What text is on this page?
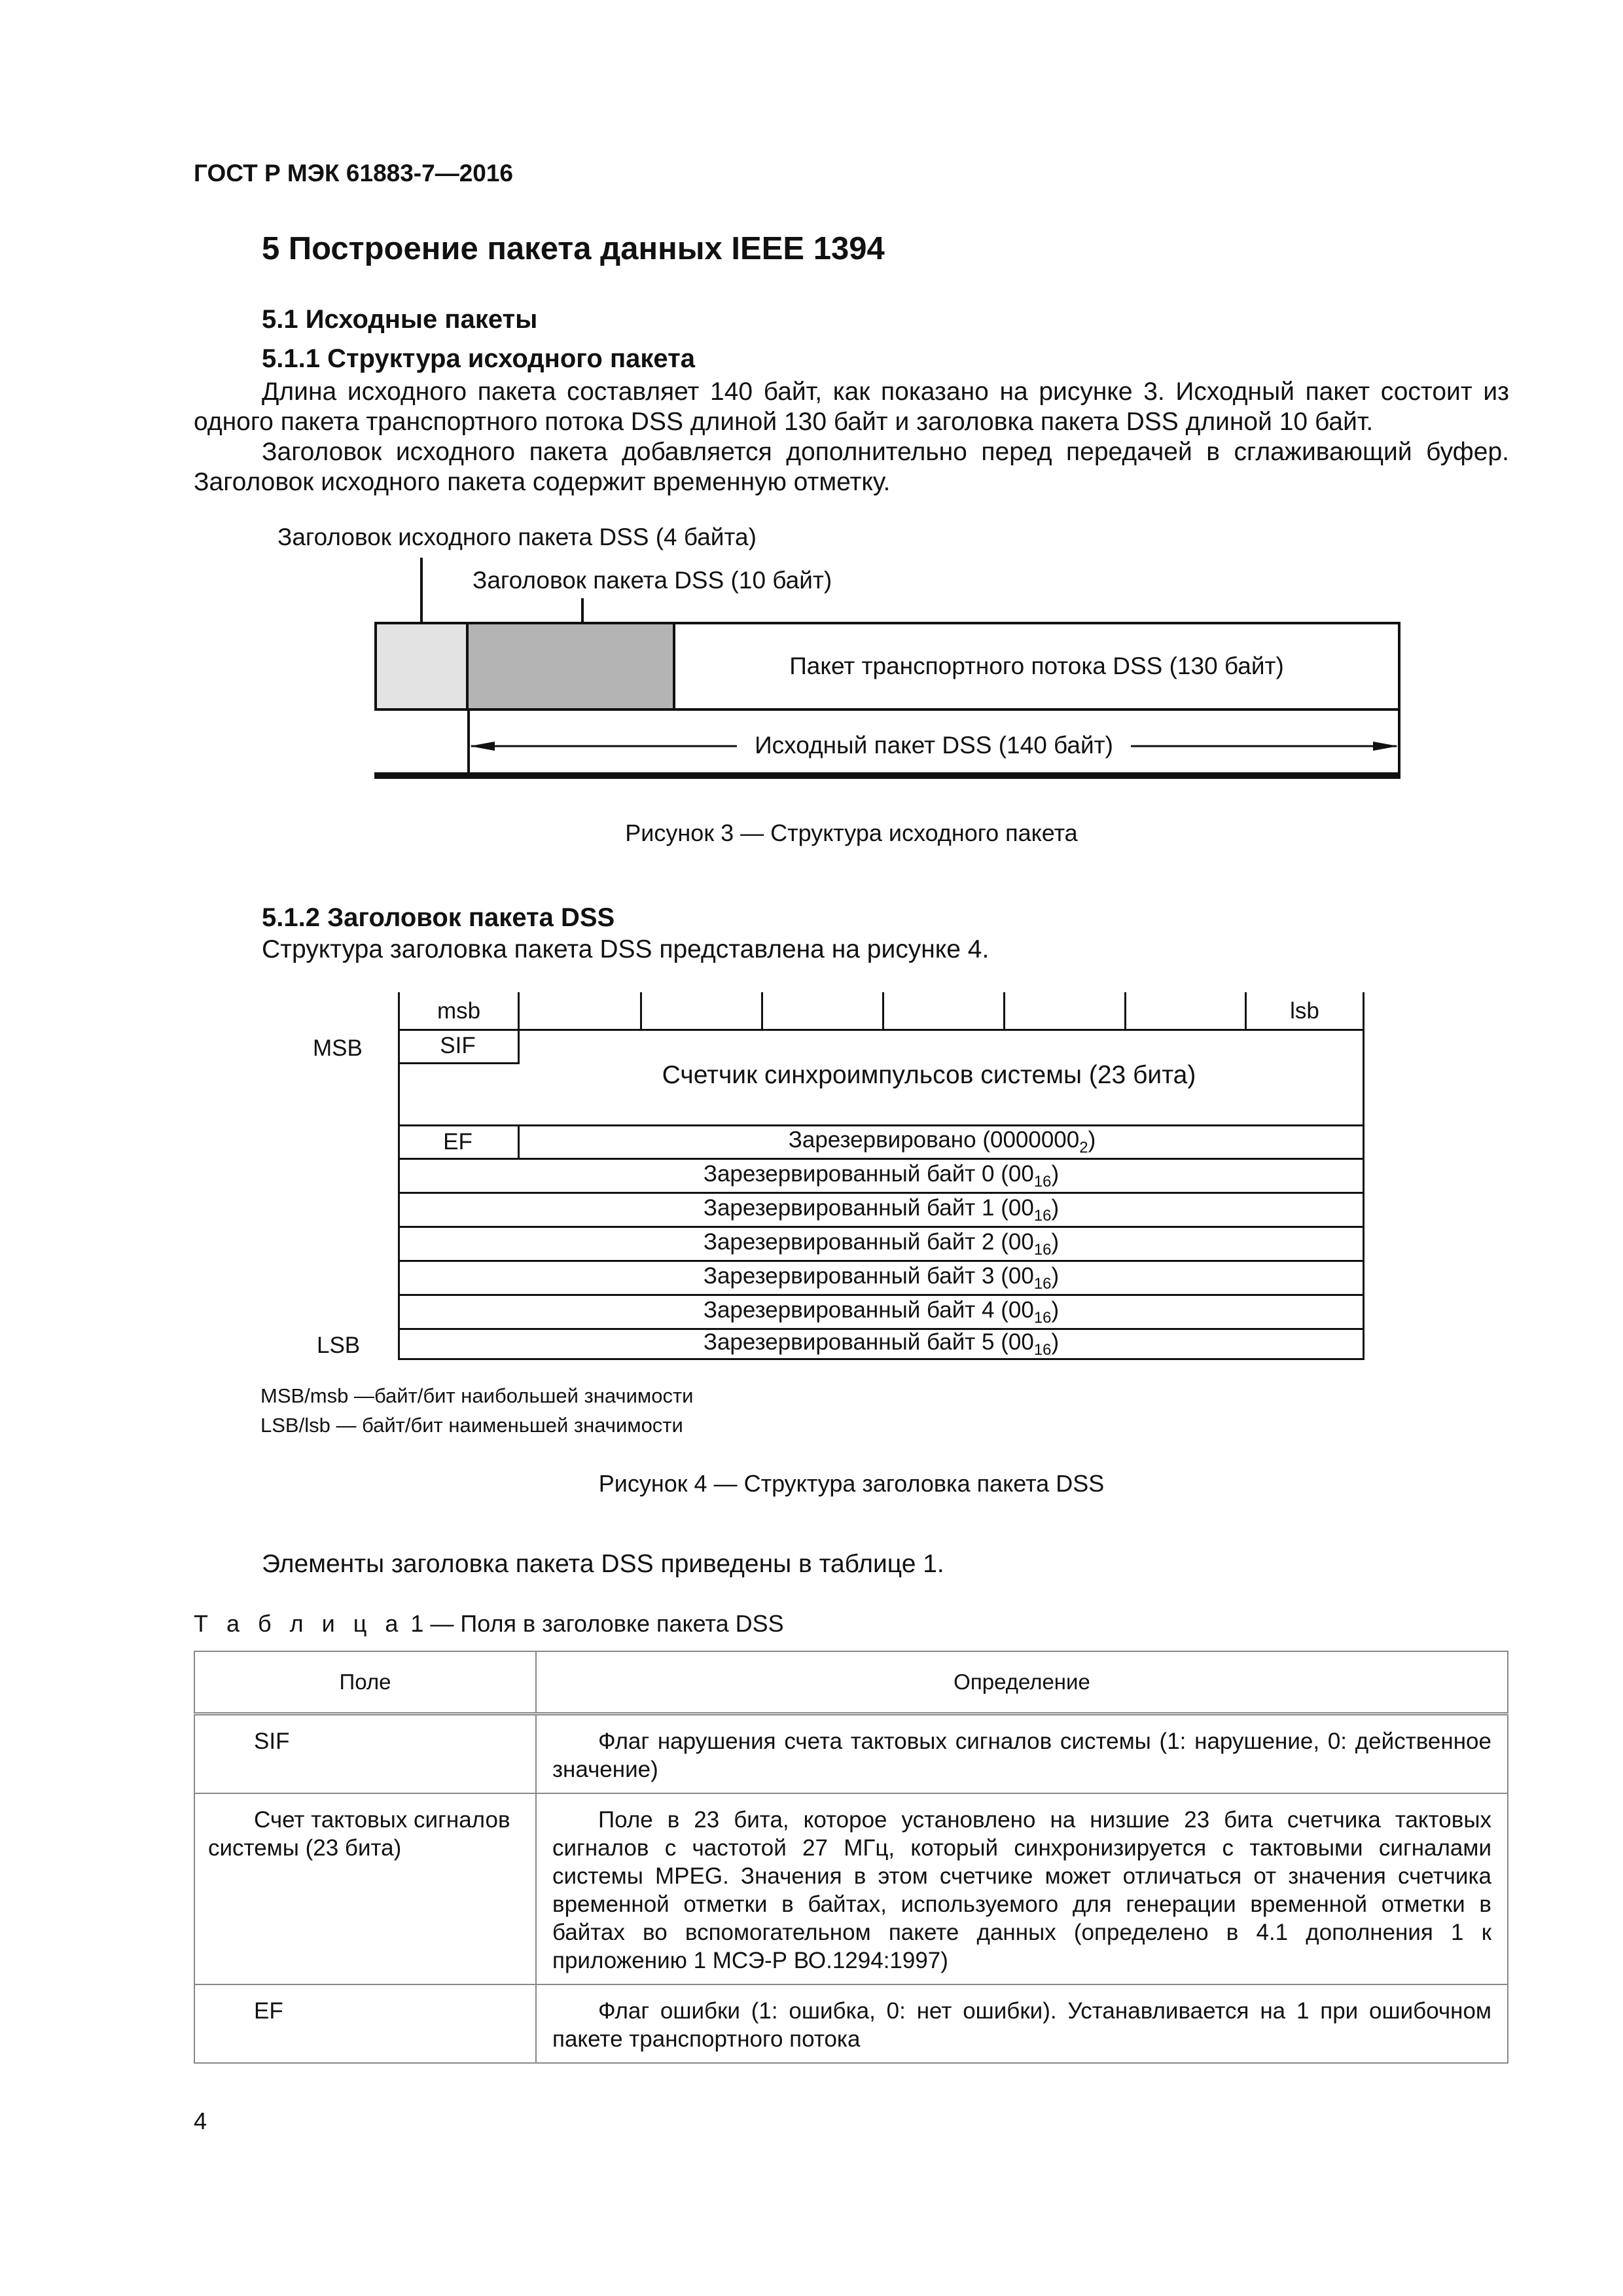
ГОСТ Р МЭК 61883-7—2016
5 Построение пакета данных IEEE 1394
5.1 Исходные пакеты
5.1.1 Структура исходного пакета
Длина исходного пакета составляет 140 байт, как показано на рисунке 3. Исходный пакет состоит из одного пакета транспортного потока DSS длиной 130 байт и заголовка пакета DSS длиной 10 байт.
Заголовок исходного пакета добавляется дополнительно перед передачей в сглаживающий буфер. Заголовок исходного пакета содержит временную отметку.
Заголовок исходного пакета DSS (4 байта)
Заголовок пакета DSS (10 байт)
Пакет транспортного потока DSS (130 байт)
Исходный пакет DSS (140 байт)
Рисунок 3 — Структура исходного пакета
5.1.2 Заголовок пакета DSS
Структура заголовка пакета DSS представлена на рисунке 4.
MSB
LSB
msb	lsb
SIF
Счетчик синхроимпульсов системы (23 бита)
EF	Зарезервировано $(0000000_2)$
Зарезервированный байт 0 $(00_{16})$
Зарезервированный байт 1 $(00_{16})$
Зарезервированный байт 2 $(00_{16})$
Зарезервированный байт 3 $(00_{16})$
Зарезервированный байт 4 $(00_{16})$
Зарезервированный байт 5 $(00_{16})$
MSB/msb —байт/бит наибольшей значимости
LSB/lsb — байт/бит наименьшей значимости
Рисунок 4 — Структура заголовка пакета DSS
Элементы заголовка пакета DSS приведены в таблице 1.
Т а б л и ц а 1 — Поля в заголовке пакета DSS
Поле	Определение

SIF	Флаг нарушения счета тактовых сигналов системы (1: нарушение, 0: действенное значение)

Счет тактовых сигналов системы (23 бита)	Поле в 23 бита, которое установлено на низшие 23 бита счетчика тактовых сигналов с частотой 27 МГц, который синхронизируется с тактовыми сигналами системы MPEG. Значения в этом счетчике может отличаться от значения счетчика временной отметки в байтах, используемого для генерации временной отметки в байтах во вспомогательном пакете данных (определено в 4.1 дополнения 1 к приложению 1 МСЭ-Р ВО.1294:1997)

EF	Флаг ошибки (1: ошибка, 0: нет ошибки). Устанавливается на 1 при ошибочном пакете транспортного потока
4
